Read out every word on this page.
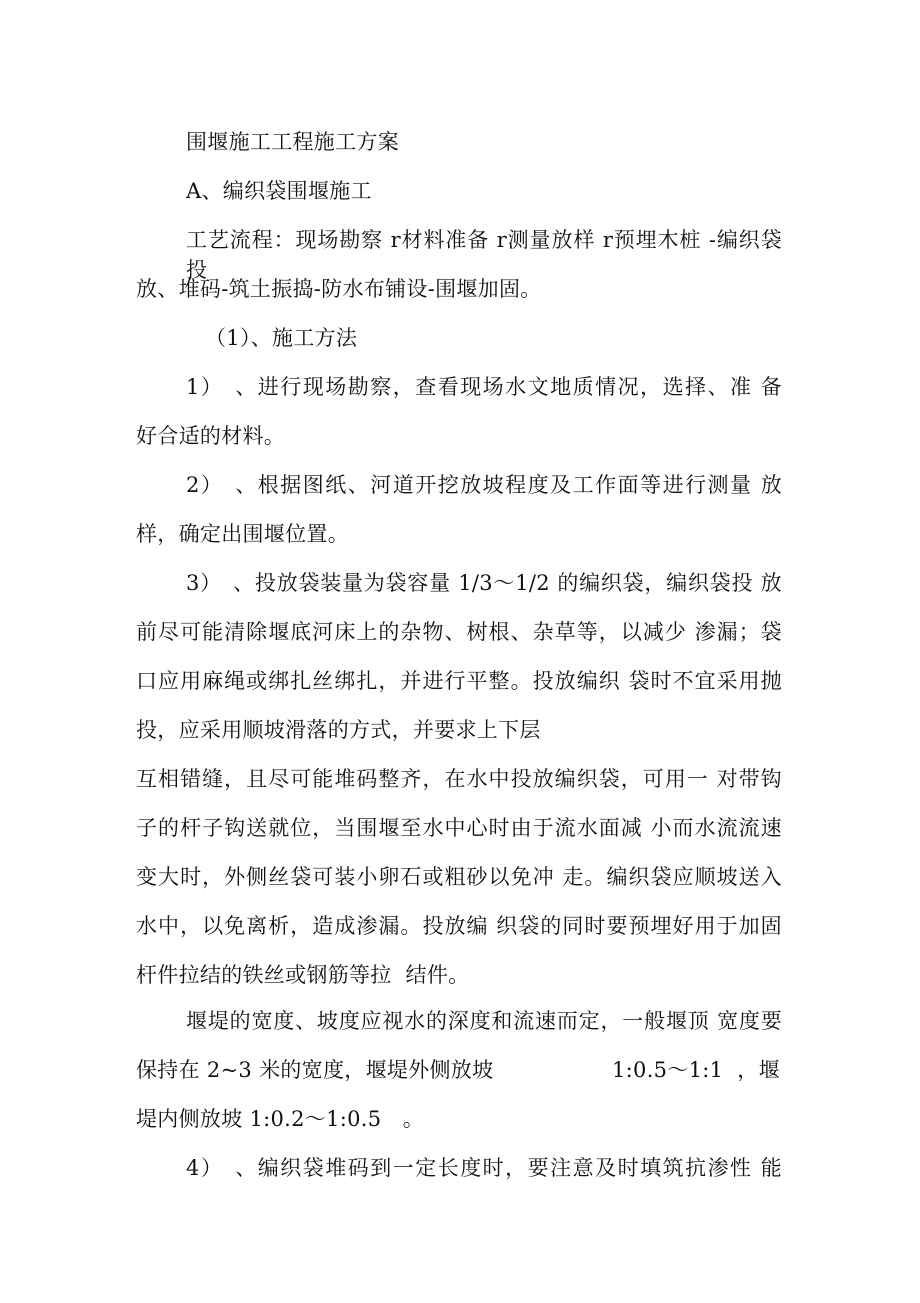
围堰施工工程施工方案
A、编织袋围堰施工
工艺流程：现场勘察 r材料准备 r测量放样 r预埋木桩 -编织袋投
放、堆码-筑土振捣-防水布铺设-围堰加固。
（1）、施工方法
1）　、进行现场勘察，查看现场水文地质情况，选择、准 备
好合适的材料。
2）　、根据图纸、河道开挖放坡程度及工作面等进行测量 放
样，确定出围堰位置。
3）　、投放袋装量为袋容量 1/3～1/2 的编织袋，编织袋投 放
前尽可能清除堰底河床上的杂物、树根、杂草等，以减少 渗漏；袋
口应用麻绳或绑扎丝绑扎，并进行平整。投放编织 袋时不宜采用抛
投，应采用顺坡滑落的方式，并要求上下层
互相错缝，且尽可能堆码整齐，在水中投放编织袋，可用一 对带钩
子的杆子钩送就位，当围堰至水中心时由于流水面减 小而水流流速
变大时，外侧丝袋可装小卵石或粗砂以免冲 走。编织袋应顺坡送入
水中，以免离析，造成渗漏。投放编 织袋的同时要预埋好用于加固
杆件拉结的铁丝或钢筋等拉  结件。
堰堤的宽度、坡度应视水的深度和流速而定，一般堰顶 宽度要
保持在 2~3 米的宽度，堰堤外侧放坡	1:0.5～1:1  ，堰
堤内侧放坡 1:0.2～1:0.5　。
4）　、编织袋堆码到一定长度时，要注意及时填筑抗渗性 能
